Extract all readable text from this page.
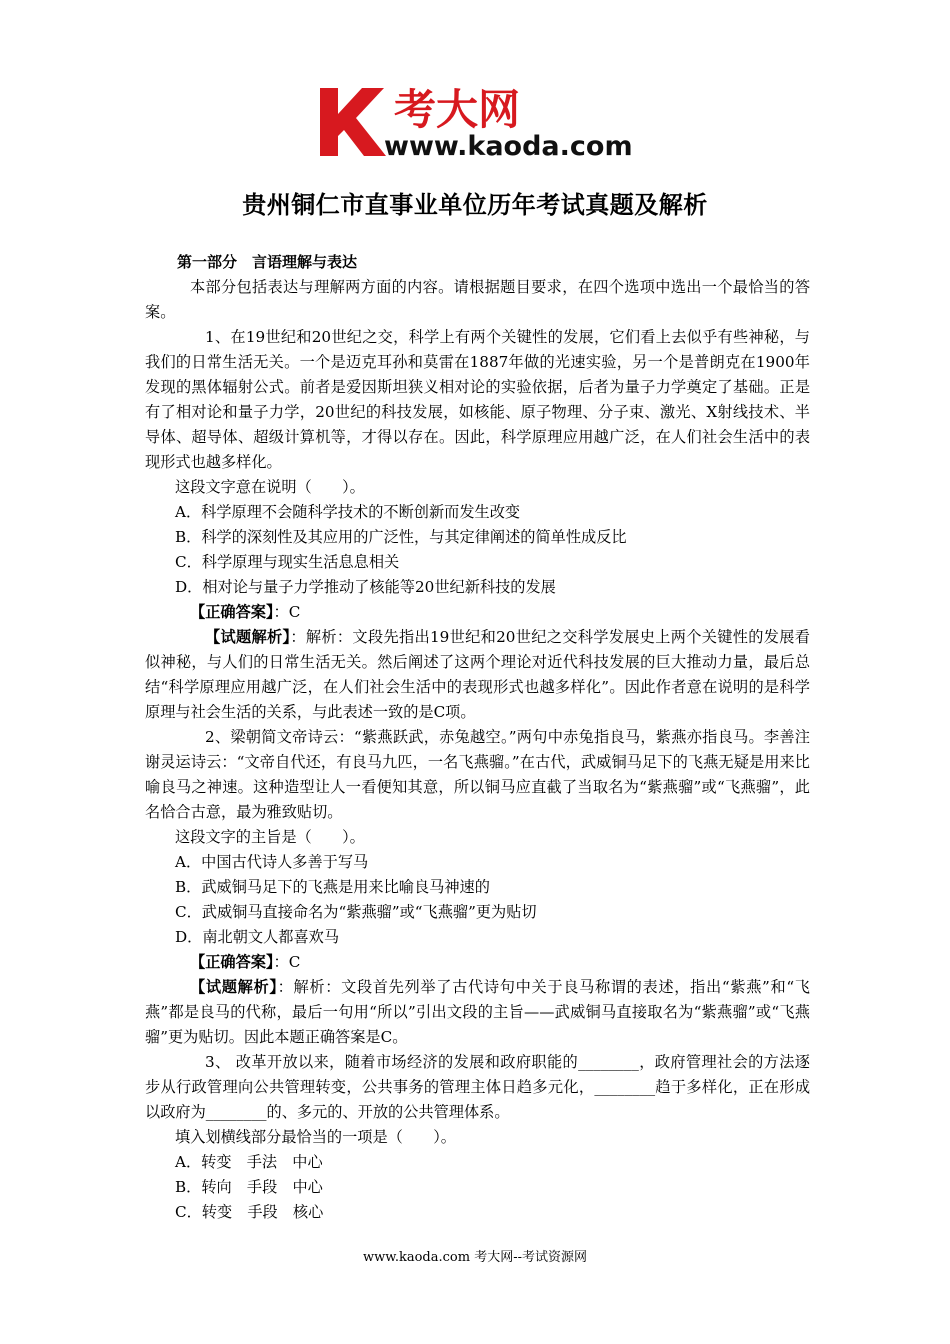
考大网
www.kaoda.com
贵州铜仁市直事业单位历年考试真题及解析

第一部分　言语理解与表达

本部分包括表达与理解两方面的内容。请根据题目要求，在四个选项中选出一个最恰当的答案。

1、在19世纪和20世纪之交，科学上有两个关键性的发展，它们看上去似乎有些神秘，与我们的日常生活无关。一个是迈克耳孙和莫雷在1887年做的光速实验，另一个是普朗克在1900年发现的黑体辐射公式。前者是爱因斯坦狭义相对论的实验依据，后者为量子力学奠定了基础。正是有了相对论和量子力学，20世纪的科技发展，如核能、原子物理、分子束、激光、X射线技术、半导体、超导体、超级计算机等，才得以存在。因此，科学原理应用越广泛，在人们社会生活中的表现形式也越多样化。

这段文字意在说明（　　）。

A．科学原理不会随科学技术的不断创新而发生改变

B．科学的深刻性及其应用的广泛性，与其定律阐述的简单性成反比

C．科学原理与现实生活息息相关

D．相对论与量子力学推动了核能等20世纪新科技的发展

【正确答案】：C

【试题解析】：解析：文段先指出19世纪和20世纪之交科学发展史上两个关键性的发展看似神秘，与人们的日常生活无关。然后阐述了这两个理论对近代科技发展的巨大推动力量，最后总结“科学原理应用越广泛，在人们社会生活中的表现形式也越多样化”。因此作者意在说明的是科学原理与社会生活的关系，与此表述一致的是C项。

2、梁朝简文帝诗云：“紫燕跃武，赤兔越空。”两句中赤兔指良马，紫燕亦指良马。李善注谢灵运诗云：“文帝自代还，有良马九匹，一名飞燕骝。”在古代，武威铜马足下的飞燕无疑是用来比喻良马之神速。这种造型让人一看便知其意，所以铜马应直截了当取名为“紫燕骝”或“飞燕骝”，此名恰合古意，最为雅致贴切。

这段文字的主旨是（　　）。

A．中国古代诗人多善于写马

B．武威铜马足下的飞燕是用来比喻良马神速的

C．武威铜马直接命名为“紫燕骝”或“飞燕骝”更为贴切

D．南北朝文人都喜欢马

【正确答案】：C

【试题解析】：解析：文段首先列举了古代诗句中关于良马称谓的表述，指出“紫燕”和“飞燕”都是良马的代称，最后一句用“所以”引出文段的主旨——武威铜马直接取名为“紫燕骝”或“飞燕骝”更为贴切。因此本题正确答案是C。

3、 改革开放以来，随着市场经济的发展和政府职能的________，政府管理社会的方法逐步从行政管理向公共管理转变，公共事务的管理主体日趋多元化，________趋于多样化，正在形成以政府为________的、多元的、开放的公共管理体系。

填入划横线部分最恰当的一项是（　　）。

A．转变　手法　中心

B．转向　手段　中心

C．转变　手段　核心

www.kaoda.com 考大网--考试资源网
